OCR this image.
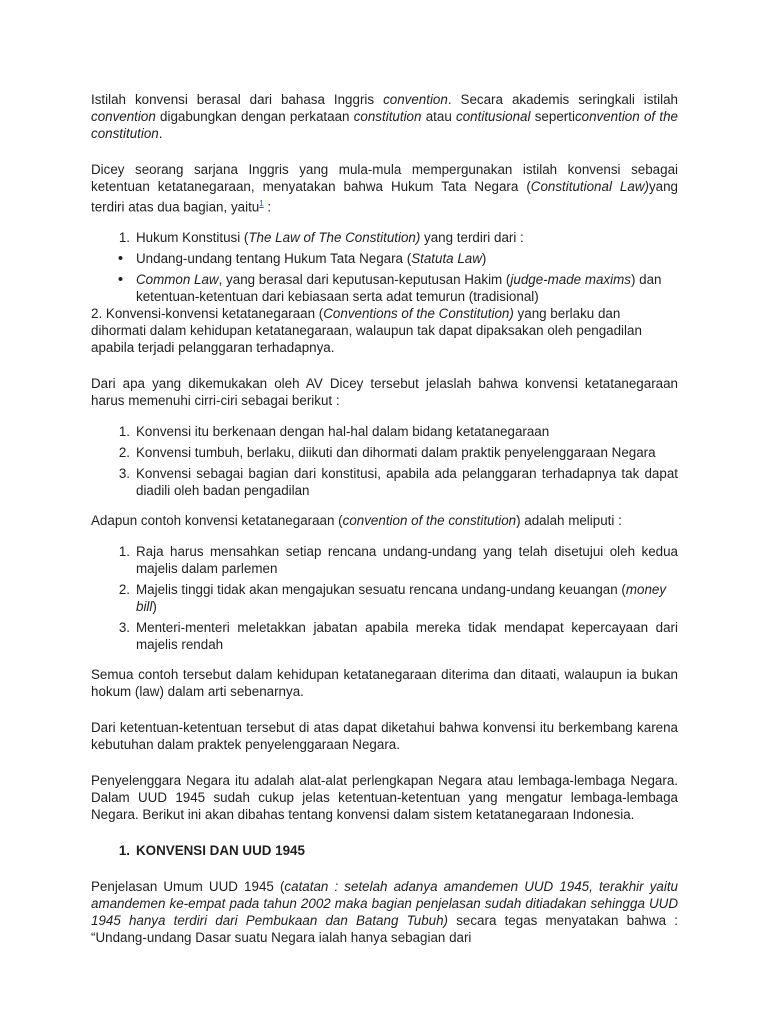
Istilah konvensi berasal dari bahasa Inggris convention. Secara akademis seringkali istilah convention digabungkan dengan perkataan constitution atau contitusional seperticonvention of the constitution.

Dicey seorang sarjana Inggris yang mula-mula mempergunakan istilah konvensi sebagai ketentuan ketatanegaraan, menyatakan bahwa Hukum Tata Negara (Constitutional Law)yang terdiri atas dua bagian, yaitu$^1$ :

1. Hukum Konstitusi (The Law of The Constitution) yang terdiri dari :
• Undang-undang tentang Hukum Tata Negara (Statuta Law)
• Common Law, yang berasal dari keputusan-keputusan Hakim (judge-made maxims) dan ketentuan-ketentuan dari kebiasaan serta adat temurun (tradisional)

2. Konvensi-konvensi ketatanegaraan (Conventions of the Constitution) yang berlaku dan dihormati dalam kehidupan ketatanegaraan, walaupun tak dapat dipaksakan oleh pengadilan apabila terjadi pelanggaran terhadapnya.

Dari apa yang dikemukakan oleh AV Dicey tersebut jelaslah bahwa konvensi ketatanegaraan harus memenuhi cirri-ciri sebagai berikut :

1. Konvensi itu berkenaan dengan hal-hal dalam bidang ketatanegaraan
2. Konvensi tumbuh, berlaku, diikuti dan dihormati dalam praktik penyelenggaraan Negara
3. Konvensi sebagai bagian dari konstitusi, apabila ada pelanggaran terhadapnya tak dapat diadili oleh badan pengadilan

Adapun contoh konvensi ketatanegaraan (convention of the constitution) adalah meliputi :

1. Raja harus mensahkan setiap rencana undang-undang yang telah disetujui oleh kedua majelis dalam parlemen
2. Majelis tinggi tidak akan mengajukan sesuatu rencana undang-undang keuangan (money bill)
3. Menteri-menteri meletakkan jabatan apabila mereka tidak mendapat kepercayaan dari majelis rendah

Semua contoh tersebut dalam kehidupan ketatanegaraan diterima dan ditaati, walaupun ia bukan hokum (law) dalam arti sebenarnya.

Dari ketentuan-ketentuan tersebut di atas dapat diketahui bahwa konvensi itu berkembang karena kebutuhan dalam praktek penyelenggaraan Negara.

Penyelenggara Negara itu adalah alat-alat perlengkapan Negara atau lembaga-lembaga Negara. Dalam UUD 1945 sudah cukup jelas ketentuan-ketentuan yang mengatur lembaga-lembaga Negara. Berikut ini akan dibahas tentang konvensi dalam sistem ketatanegaraan Indonesia.

1. KONVENSI DAN UUD 1945

Penjelasan Umum UUD 1945 (catatan : setelah adanya amandemen UUD 1945, terakhir yaitu amandemen ke-empat pada tahun 2002 maka bagian penjelasan sudah ditiadakan sehingga UUD 1945 hanya terdiri dari Pembukaan dan Batang Tubuh) secara tegas menyatakan bahwa : “Undang-undang Dasar suatu Negara ialah hanya sebagian dari
